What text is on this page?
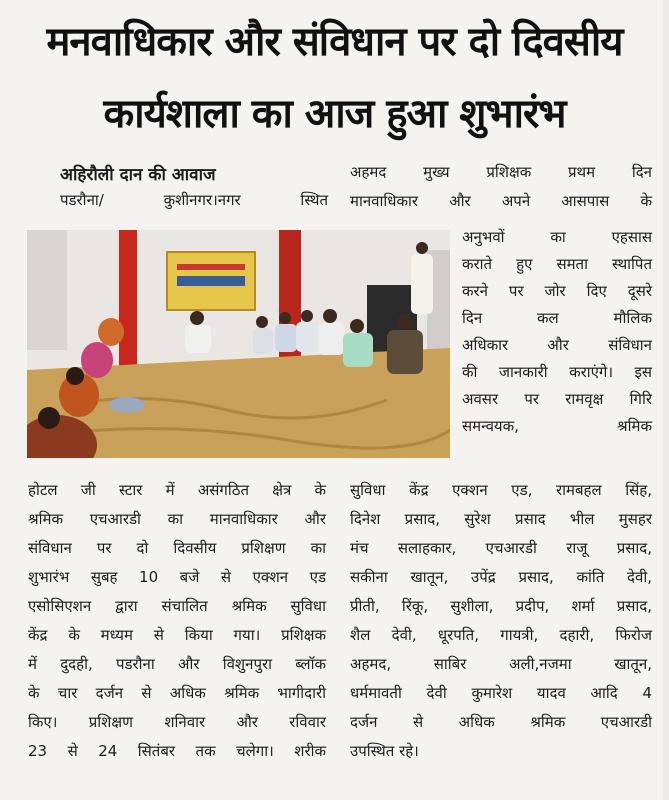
मनवाधिकार और संविधान पर दो दिवसीय
कार्यशाला का आज हुआ शुभारंभ
अहिरौली दान की आवाज
पडरौना/ कुशीनगर।नगर स्थित
अहमद मुख्य प्रशिक्षक प्रथम दिन
मानवाधिकार और अपने आसपास के
अनुभवों का एहसास
कराते हुए समता स्थापित
करने पर जोर दिए दूसरे
दिन कल मौलिक
अधिकार और संविधान
की जानकारी कराएंगे। इस
अवसर पर रामवृक्ष गिरि
समन्वयक, श्रमिक
होटल जी स्टार में असंगठित क्षेत्र के
श्रमिक एचआरडी का मानवाधिकार और
संविधान पर दो दिवसीय प्रशिक्षण का
शुभारंभ सुबह 10 बजे से एक्शन एड
एसोसिएशन द्वारा संचालित श्रमिक सुविधा
केंद्र के मध्यम से किया गया। प्रशिक्षक
में दुदही, पडरौना और विशुनपुरा ब्लॉक
के चार दर्जन से अधिक श्रमिक भागीदारी
किए। प्रशिक्षण शनिवार और रविवार
23 से 24 सितंबर तक चलेगा। शरीक
सुविधा केंद्र एक्शन एड, रामबहल सिंह,
दिनेश प्रसाद, सुरेश प्रसाद भील मुसहर
मंच सलाहकार, एचआरडी राजू प्रसाद,
सकीना खातून, उपेंद्र प्रसाद, कांति देवी,
प्रीती, रिंकू, सुशीला, प्रदीप, शर्मा प्रसाद,
शैल देवी, धूरपति, गायत्री, दहारी, फिरोज
अहमद, साबिर अली,नजमा खातून,
धर्ममावती देवी कुमारेश यादव आदि 4
दर्जन से अधिक श्रमिक एचआरडी
उपस्थित रहे।
